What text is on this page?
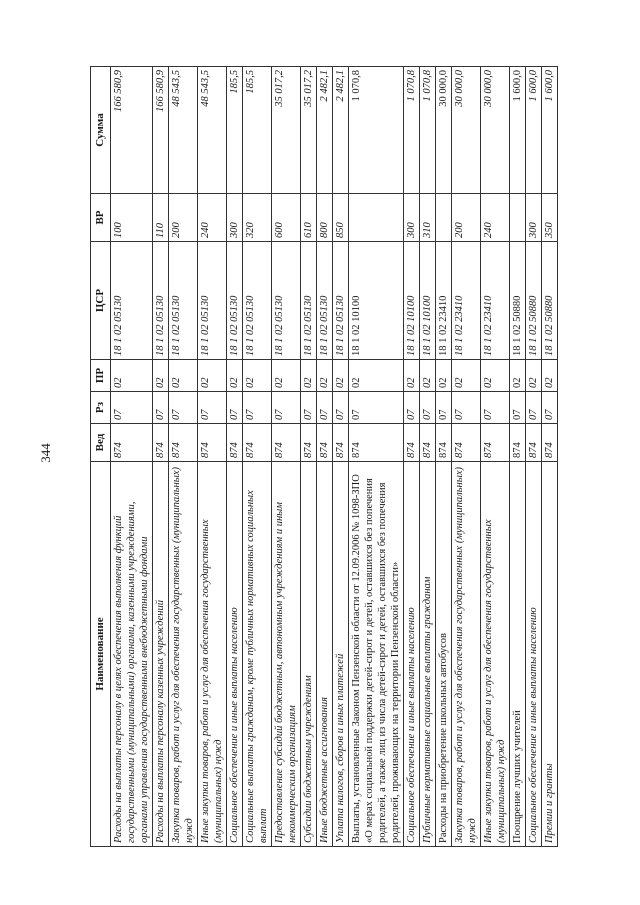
344
Наименование	Вед	Рз	ПР	ЦСР	ВР	Сумма
Расходы на выплаты персоналу в целях обеспечения выполнения функций государственными (муниципальными) органами, казенными учреждениями, органами управления государственными внебюджетными фондами	874	07	02	18 1 02 05130	100	166 580,9
Расходы на выплаты персоналу казенных учреждений	874	07	02	18 1 02 05130	110	166 580,9
Закупка товаров, работ и услуг для обеспечения государственных (муниципальных) нужд	874	07	02	18 1 02 05130	200	48 543,5
Иные закупки товаров, работ и услуг для обеспечения государственных (муниципальных) нужд	874	07	02	18 1 02 05130	240	48 543,5
Социальное обеспечение и иные выплаты населению	874	07	02	18 1 02 05130	300	185,5
Социальные выплаты гражданам, кроме публичных нормативных социальных выплат	874	07	02	18 1 02 05130	320	185,5
Предоставление субсидий бюджетным, автономным учреждениям и иным некоммерческим организациям	874	07	02	18 1 02 05130	600	35 017,2
Субсидии бюджетным учреждениям	874	07	02	18 1 02 05130	610	35 017,2
Иные бюджетные ассигнования	874	07	02	18 1 02 05130	800	2 482,1
Уплата налогов, сборов и иных платежей	874	07	02	18 1 02 05130	850	2 482,1
Выплаты, установленные Законом Пензенской области от 12.09.2006 № 1098-ЗПО «О мерах социальной поддержки детей-сирот и детей, оставшихся без попечения родителей, а также лиц из числа детей-сирот и детей, оставшихся без попечения родителей, проживающих на территории Пензенской области»	874	07	02	18 1 02 10100		1 070,8
Социальное обеспечение и иные выплаты населению	874	07	02	18 1 02 10100	300	1 070,8
Публичные нормативные социальные выплаты гражданам	874	07	02	18 1 02 10100	310	1 070,8
Расходы на приобретение школьных автобусов	874	07	02	18 1 02 23410		30 000,0
Закупка товаров, работ и услуг для обеспечения государственных (муниципальных) нужд	874	07	02	18 1 02 23410	200	30 000,0
Иные закупки товаров, работ и услуг для обеспечения государственных (муниципальных) нужд	874	07	02	18 1 02 23410	240	30 000,0
Поощрение лучших учителей	874	07	02	18 1 02 50880		1 600,0
Социальное обеспечение и иные выплаты населению	874	07	02	18 1 02 50880	300	1 600,0
Премии и гранты	874	07	02	18 1 02 50880	350	1 600,0
